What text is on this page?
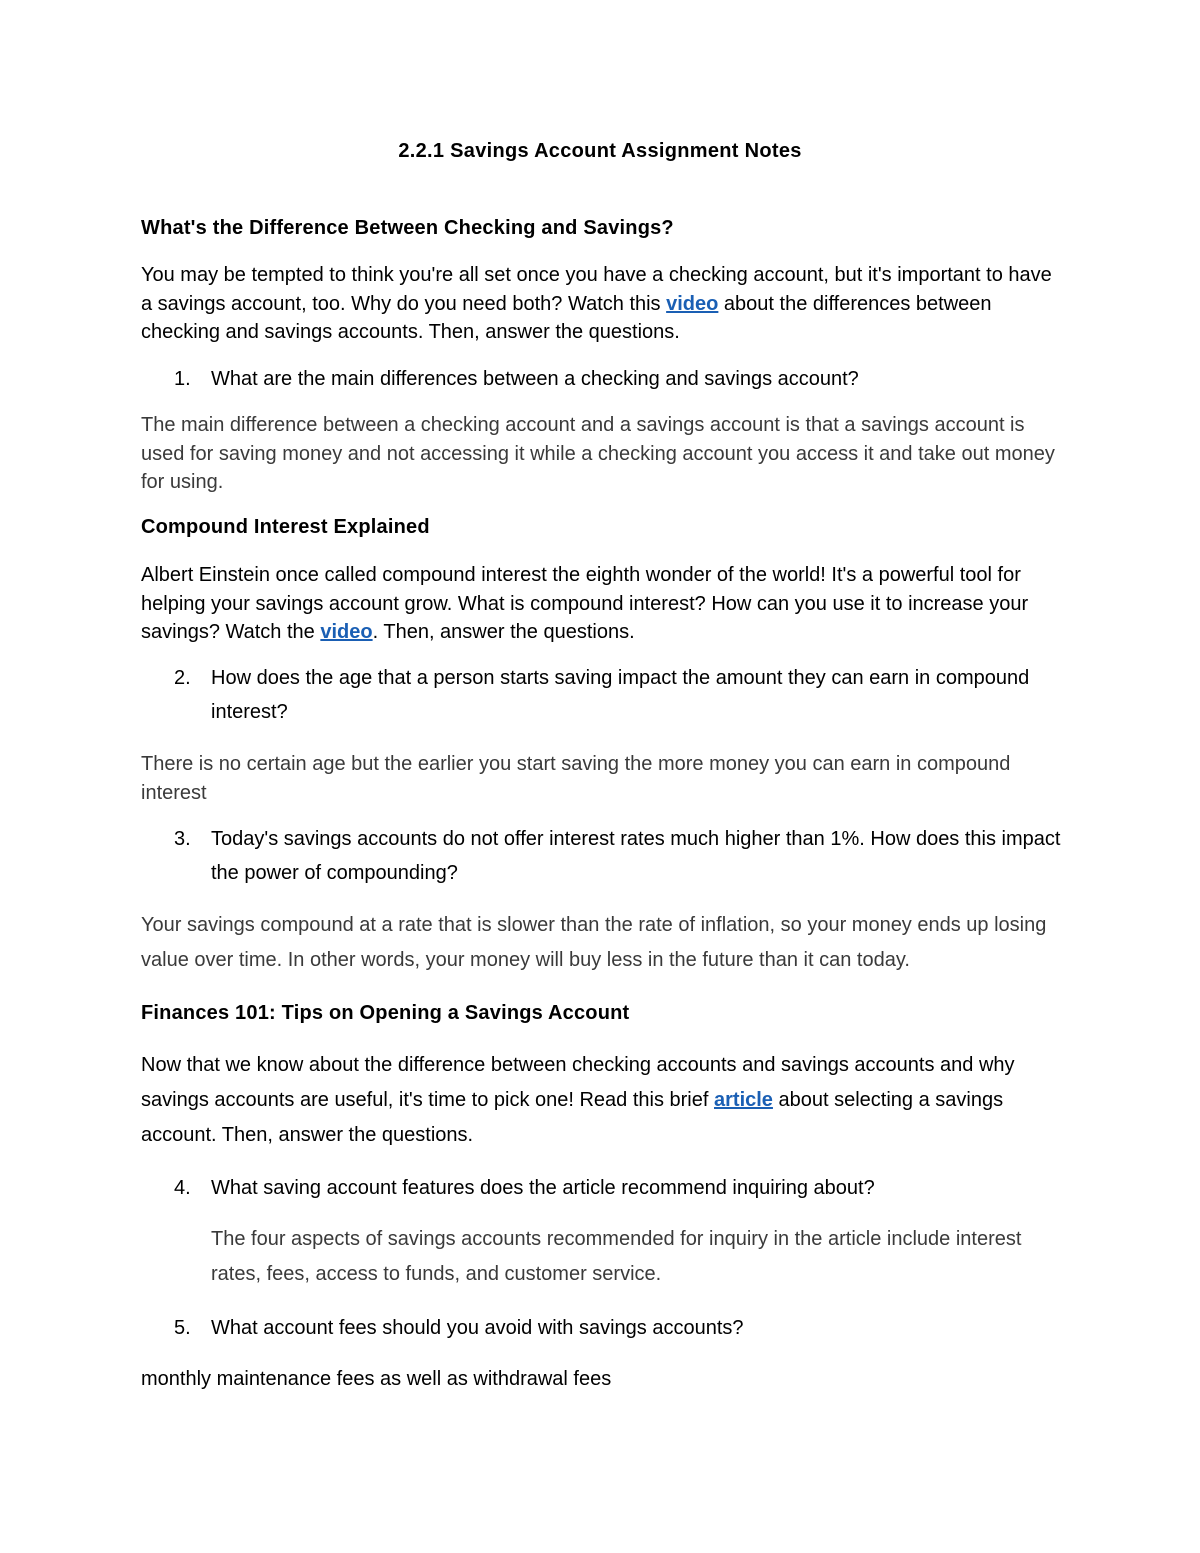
2.2.1 Savings Account Assignment Notes
What's the Difference Between Checking and Savings?
You may be tempted to think you're all set once you have a checking account, but it's important to have a savings account, too. Why do you need both? Watch this video about the differences between checking and savings accounts. Then, answer the questions.
1. What are the main differences between a checking and savings account?
The main difference between a checking account and a savings account is that a savings account is used for saving money and not accessing it while a checking account you access it and take out money for using.
Compound Interest Explained
Albert Einstein once called compound interest the eighth wonder of the world! It's a powerful tool for helping your savings account grow. What is compound interest? How can you use it to increase your savings? Watch the video. Then, answer the questions.
2. How does the age that a person starts saving impact the amount they can earn in compound interest?
There is no certain age but the earlier you start saving the more money you can earn in compound interest
3. Today's savings accounts do not offer interest rates much higher than 1%. How does this impact the power of compounding?
Your savings compound at a rate that is slower than the rate of inflation, so your money ends up losing value over time. In other words, your money will buy less in the future than it can today.
Finances 101: Tips on Opening a Savings Account
Now that we know about the difference between checking accounts and savings accounts and why savings accounts are useful, it's time to pick one! Read this brief article about selecting a savings account. Then, answer the questions.
4. What saving account features does the article recommend inquiring about?
The four aspects of savings accounts recommended for inquiry in the article include interest rates, fees, access to funds, and customer service.
5. What account fees should you avoid with savings accounts?
monthly maintenance fees as well as withdrawal fees
